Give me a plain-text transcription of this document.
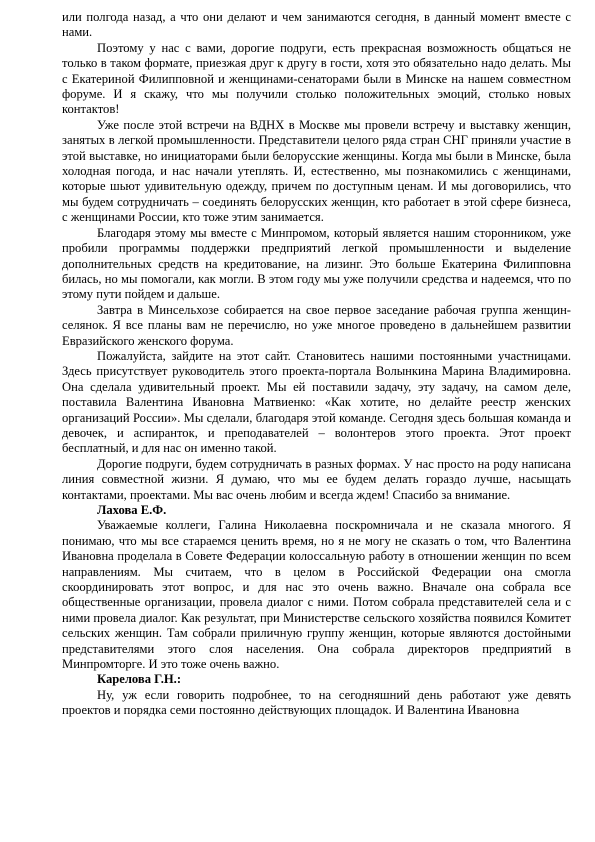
или полгода назад, а что они делают и чем занимаются сегодня, в данный момент вместе с нами.

Поэтому у нас с вами, дорогие подруги, есть прекрасная возможность общаться не только в таком формате, приезжая друг к другу в гости, хотя это обязательно надо делать. Мы с Екатериной Филипповной и женщинами-сенаторами были в Минске на нашем совместном форуме. И я скажу, что мы получили столько положительных эмоций, столько новых контактов!

Уже после этой встречи на ВДНХ в Москве мы провели встречу и выставку женщин, занятых в легкой промышленности. Представители целого ряда стран СНГ приняли участие в этой выставке, но инициаторами были белорусские женщины. Когда мы были в Минске, была холодная погода, и нас начали утеплять. И, естественно, мы познакомились с женщинами, которые шьют удивительную одежду, причем по доступным ценам. И мы договорились, что мы будем сотрудничать – соединять белорусских женщин, кто работает в этой сфере бизнеса, с женщинами России, кто тоже этим занимается.

Благодаря этому мы вместе с Минпромом, который является нашим сторонником, уже пробили программы поддержки предприятий легкой промышленности и выделение дополнительных средств на кредитование, на лизинг. Это больше Екатерина Филипповна билась, но мы помогали, как могли. В этом году мы уже получили средства и надеемся, что по этому пути пойдем и дальше.

Завтра в Минсельхозе собирается на свое первое заседание рабочая группа женщин-селянок. Я все планы вам не перечислю, но уже многое проведено в дальнейшем развитии Евразийского женского форума.

Пожалуйста, зайдите на этот сайт. Становитесь нашими постоянными участницами. Здесь присутствует руководитель этого проекта-портала Волынкина Марина Владимировна. Она сделала удивительный проект. Мы ей поставили задачу, эту задачу, на самом деле, поставила Валентина Ивановна Матвиенко: «Как хотите, но делайте реестр женских организаций России». Мы сделали, благодаря этой команде. Сегодня здесь большая команда и девочек, и аспиранток, и преподавателей – волонтеров этого проекта. Этот проект бесплатный, и для нас он именно такой.

Дорогие подруги, будем сотрудничать в разных формах. У нас просто на роду написана линия совместной жизни. Я думаю, что мы ее будем делать гораздо лучше, насыщать контактами, проектами. Мы вас очень любим и всегда ждем! Спасибо за внимание.

Лахова Е.Ф.

Уважаемые коллеги, Галина Николаевна поскромничала и не сказала многого. Я понимаю, что мы все стараемся ценить время, но я не могу не сказать о том, что Валентина Ивановна проделала в Совете Федерации колоссальную работу в отношении женщин по всем направлениям. Мы считаем, что в целом в Российской Федерации она смогла скоординировать этот вопрос, и для нас это очень важно. Вначале она собрала все общественные организации, провела диалог с ними. Потом собрала представителей села и с ними провела диалог. Как результат, при Министерстве сельского хозяйства появился Комитет сельских женщин. Там собрали приличную группу женщин, которые являются достойными представителями этого слоя населения. Она собрала директоров предприятий в Минпромторге. И это тоже очень важно.

Карелова Г.Н.:

Ну, уж если говорить подробнее, то на сегодняшний день работают уже девять проектов и порядка семи постоянно действующих площадок. И Валентина Ивановна
